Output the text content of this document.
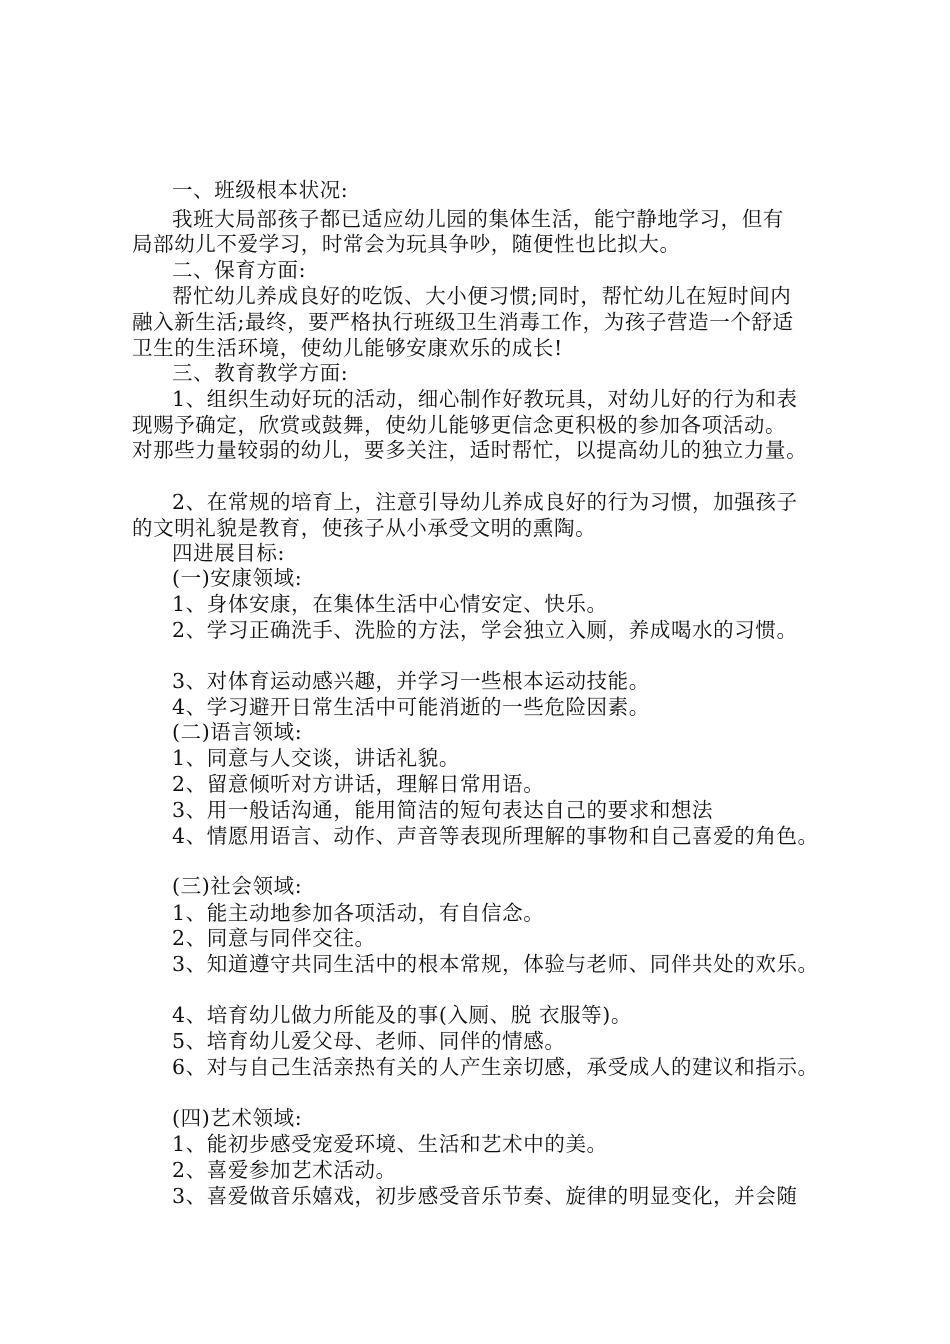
一、班级根本状况:
我班大局部孩子都已适应幼儿园的集体生活，能宁静地学习，但有
局部幼儿不爱学习，时常会为玩具争吵，随便性也比拟大。
二、保育方面:
帮忙幼儿养成良好的吃饭、大小便习惯;同时，帮忙幼儿在短时间内
融入新生活;最终，要严格执行班级卫生消毒工作，为孩子营造一个舒适
卫生的生活环境，使幼儿能够安康欢乐的成长!
三、教育教学方面:
1、组织生动好玩的活动，细心制作好教玩具，对幼儿好的行为和表
现赐予确定，欣赏或鼓舞，使幼儿能够更信念更积极的参加各项活动。
对那些力量较弱的幼儿，要多关注，适时帮忙，以提高幼儿的独立力量。
2、在常规的培育上，注意引导幼儿养成良好的行为习惯，加强孩子
的文明礼貌是教育，使孩子从小承受文明的熏陶。
四进展目标:
(一)安康领域:
1、身体安康，在集体生活中心情安定、快乐。
2、学习正确洗手、洗脸的方法，学会独立入厕，养成喝水的习惯。
3、对体育运动感兴趣，并学习一些根本运动技能。
4、学习避开日常生活中可能消逝的一些危险因素。
(二)语言领域:
1、同意与人交谈，讲话礼貌。
2、留意倾听对方讲话，理解日常用语。
3、用一般话沟通，能用简洁的短句表达自己的要求和想法
4、情愿用语言、动作、声音等表现所理解的事物和自己喜爱的角色。
(三)社会领域:
1、能主动地参加各项活动，有自信念。
2、同意与同伴交往。
3、知道遵守共同生活中的根本常规，体验与老师、同伴共处的欢乐。
4、培育幼儿做力所能及的事(入厕、脱 衣服等)。
5、培育幼儿爱父母、老师、同伴的情感。
6、对与自己生活亲热有关的人产生亲切感，承受成人的建议和指示。
(四)艺术领域:
1、能初步感受宠爱环境、生活和艺术中的美。
2、喜爱参加艺术活动。
3、喜爱做音乐嬉戏，初步感受音乐节奏、旋律的明显变化，并会随
